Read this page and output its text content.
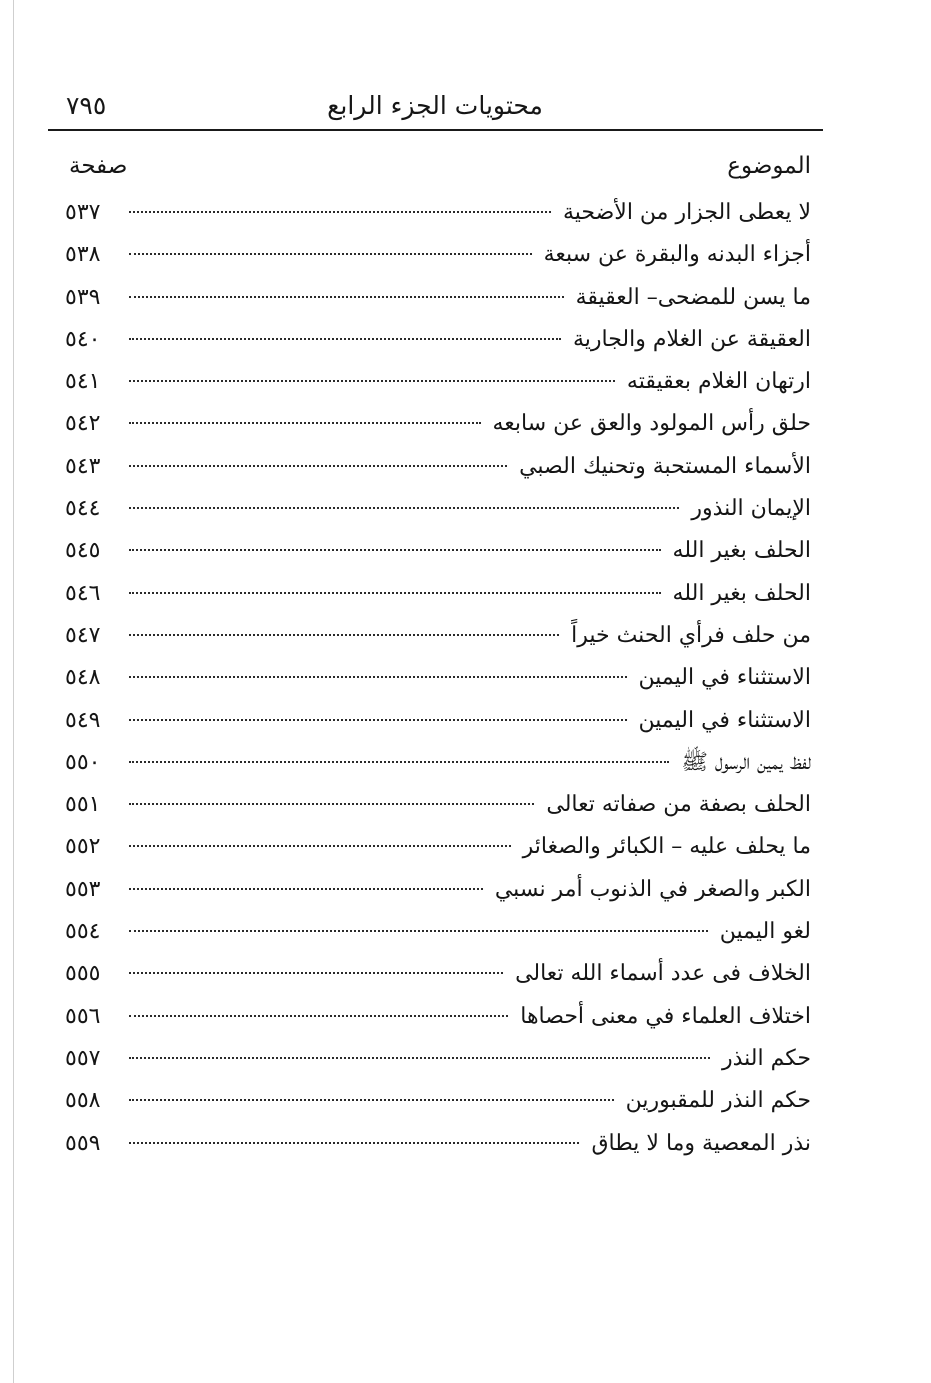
محتويات الجزء الرابع
٧٩٥
الموضوع
صفحة
لا يعطى الجزار من الأضحية
٥٣٧
أجزاء البدنه والبقرة عن سبعة
٥٣٨
ما يسن للمضحى– العقيقة
٥٣٩
العقيقة عن الغلام والجارية
٥٤٠
ارتهان الغلام بعقيقته
٥٤١
حلق رأس المولود والعق عن سابعه
٥٤٢
الأسماء المستحبة وتحنيك الصبي
٥٤٣
الإيمان النذور
٥٤٤
الحلف بغير الله
٥٤٥
الحلف بغير الله
٥٤٦
من حلف فرأي الحنث خيراً
٥٤٧
الاستثناء في اليمين
٥٤٨
الاستثناء في اليمين
٥٤٩
لفظ يمين الرسول ﷺ
٥٥٠
الحلف بصفة من صفاته تعالى
٥٥١
ما يحلف عليه – الكبائر والصغائر
٥٥٢
الكبر والصغر في الذنوب أمر نسبي
٥٥٣
لغو اليمين
٥٥٤
الخلاف فى عدد أسماء الله تعالى
٥٥٥
اختلاف العلماء في معنى أحصاها
٥٥٦
حكم النذر
٥٥٧
حكم النذر للمقبورين
٥٥٨
نذر المعصية وما لا يطاق
٥٥٩
